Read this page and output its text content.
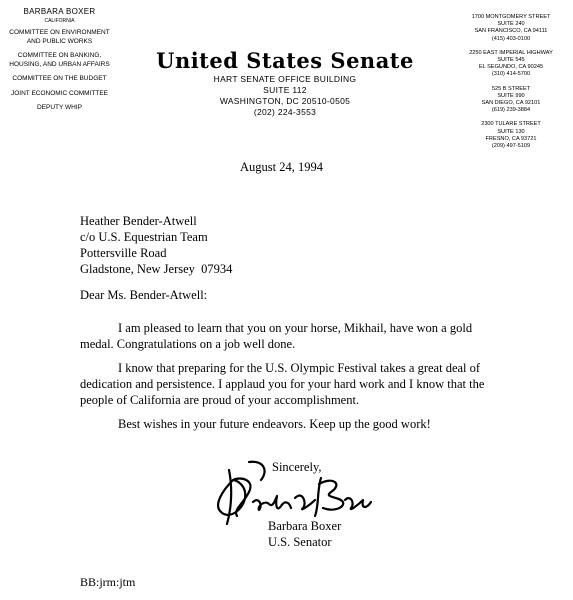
BARBARA BOXER
CALIFORNIA
COMMITTEE ON ENVIRONMENT AND PUBLIC WORKS
COMMITTEE ON BANKING, HOUSING, AND URBAN AFFAIRS
COMMITTEE ON THE BUDGET
JOINT ECONOMIC COMMITTEE
DEPUTY WHIP
United States Senate
HART SENATE OFFICE BUILDING
SUITE 112
WASHINGTON, DC 20510-0505
(202) 224-3553
1700 MONTGOMERY STREET
SUITE 240
SAN FRANCISCO, CA 94111
(415) 403-0100
2250 EAST IMPERIAL HIGHWAY
SUITE 545
EL SEGUNDO, CA 90245
(310) 414-5700
525 B STREET
SUITE 990
SAN DIEGO, CA 92101
(619) 239-3884
2300 TULARE STREET
SUITE 130
FRESNO, CA 93721
(209) 497-5109
August 24, 1994
Heather Bender-Atwell
c/o U.S. Equestrian Team
Pottersville Road
Gladstone, New Jersey  07934
Dear Ms. Bender-Atwell:
I am pleased to learn that you on your horse, Mikhail, have won a gold medal. Congratulations on a job well done.
I know that preparing for the U.S. Olympic Festival takes a great deal of dedication and persistence. I applaud you for your hard work and I know that the people of California are proud of your accomplishment.
Best wishes in your future endeavors. Keep up the good work!
Sincerely,
Barbara Boxer
U.S. Senator
BB:jrm:jtm
